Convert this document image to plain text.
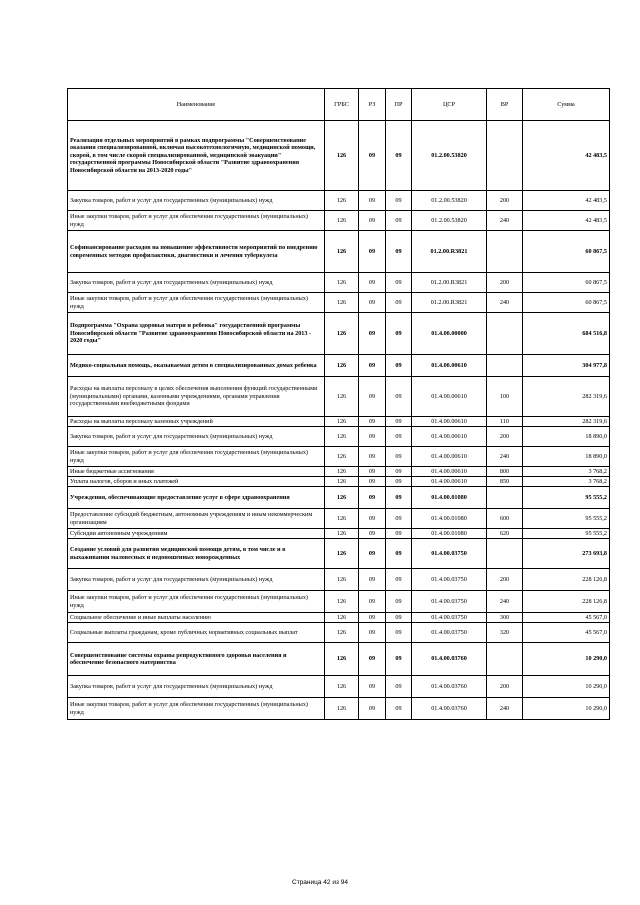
Наименование	ГРБС	РЗ	ПР	ЦСР	ВР	Сумма
Реализация отдельных мероприятий в рамках подпрограммы "Совершенствование оказания специализированной, включая высокотехнологичную, медицинской помощи, скорой, в том числе скорой специализированной, медицинской эвакуации" государственной программы Новосибирской области "Развитие здравоохранения Новосибирской области на 2013-2020 годы"	126	09	09	01.2.00.53820		42 483,5
Закупка товаров, работ и услуг для государственных (муниципальных) нужд	126	09	09	01.2.00.53820	200	42 483,5
Иные закупки товаров, работ и услуг для обеспечения государственных (муниципальных) нужд	126	09	09	01.2.00.53820	240	42 483,5
Софинансирование расходов на повышение эффективности мероприятий по внедрению современных методов профилактики, диагностики и лечения туберкулеза	126	09	09	01.2.00.R3821		60 867,5
Закупка товаров, работ и услуг для государственных (муниципальных) нужд	126	09	09	01.2.00.R3821	200	60 867,5
Иные закупки товаров, работ и услуг для обеспечения государственных (муниципальных) нужд	126	09	09	01.2.00.R3821	240	60 867,5
Подпрограмма "Охрана здоровья матери и ребенка" государственной программы Новосибирской области "Развитие здравоохранения Новосибирской области на 2013 - 2020 годы"	126	09	09	01.4.00.00000		684 516,8
Медико-социальная помощь, оказываемая детям в специализированных домах ребенка	126	09	09	01.4.00.00610		304 977,8
Расходы на выплаты персоналу в целях обеспечения выполнения функций государственными (муниципальными) органами, казенными учреждениями, органами управления государственными внебюджетными фондами	126	09	09	01.4.00.00610	100	282 319,6
Расходы на выплаты персоналу казенных учреждений	126	09	09	01.4.00.00610	110	282 319,6
Закупка товаров, работ и услуг для государственных (муниципальных) нужд	126	09	09	01.4.00.00610	200	18 890,0
Иные закупки товаров, работ и услуг для обеспечения государственных (муниципальных) нужд	126	09	09	01.4.00.00610	240	18 890,0
Иные бюджетные ассигнования	126	09	09	01.4.00.00610	800	3 768,2
Уплата налогов, сборов и иных платежей	126	09	09	01.4.00.00610	850	3 768,2
Учреждения, обеспечивающие предоставление услуг в сфере здравоохранения	126	09	09	01.4.00.01080		95 555,2
Предоставление субсидий бюджетным, автономным учреждениям и иным некоммерческим организациям	126	09	09	01.4.00.01080	600	95 555,2
Субсидии автономным учреждениям	126	09	09	01.4.00.01080	620	95 555,2
Создание условий для развития медицинской помощи детям, в том числе и в выхаживании маловесных и недоношенных новорожденных	126	09	09	01.4.00.03750		273 693,8
Закупка товаров, работ и услуг для государственных (муниципальных) нужд	126	09	09	01.4.00.03750	200	228 126,8
Иные закупки товаров, работ и услуг для обеспечения государственных (муниципальных) нужд	126	09	09	01.4.00.03750	240	228 126,8
Социальное обеспечение и иные выплаты населению	126	09	09	01.4.00.03750	300	45 567,0
Социальные выплаты гражданам, кроме публичных нормативных социальных выплат	126	09	09	01.4.00.03750	320	45 567,0
Совершенствование системы охраны репродуктивного здоровья населения и обеспечение безопасного материнства	126	09	09	01.4.00.03760		10 290,0
Закупка товаров, работ и услуг для государственных (муниципальных) нужд	126	09	09	01.4.00.03760	200	10 290,0
Иные закупки товаров, работ и услуг для обеспечения государственных (муниципальных) нужд	126	09	09	01.4.00.03760	240	10 290,0
Страница 42 из 94
